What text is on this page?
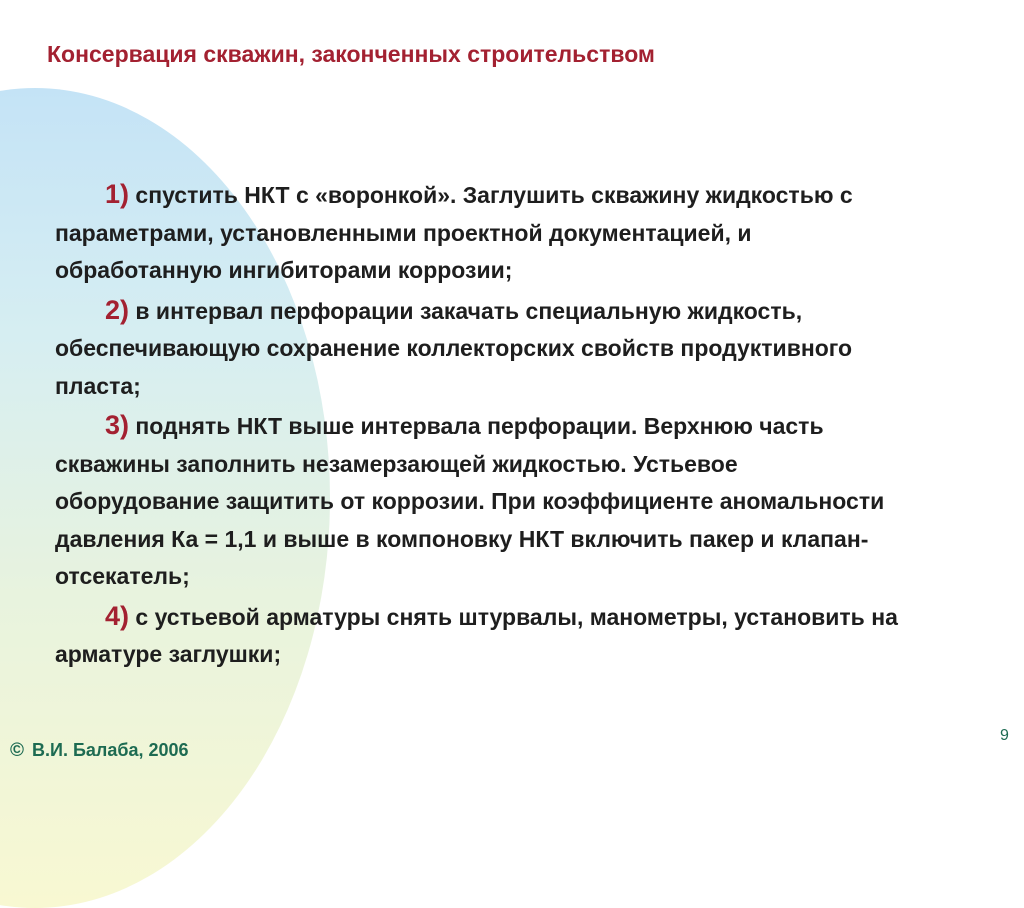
Консервация скважин, законченных строительством
1) спустить НКТ с «воронкой». Заглушить скважину жидкостью с параметрами, установленными проектной документацией, и обработанную ингибиторами коррозии;
2) в интервал перфорации закачать специальную жидкость, обеспечивающую сохранение коллекторских свойств продуктивного пласта;
3) поднять НКТ выше интервала перфорации. Верхнюю часть скважины заполнить незамерзающей жидкостью. Устьевое оборудование защитить от коррозии. При коэффициенте аномальности давления Ка = 1,1 и выше в компоновку НКТ включить пакер и клапан-отсекатель;
4) с устьевой арматуры снять штурвалы, манометры, установить на арматуре заглушки;
© В.И. Балаба, 2006
9
